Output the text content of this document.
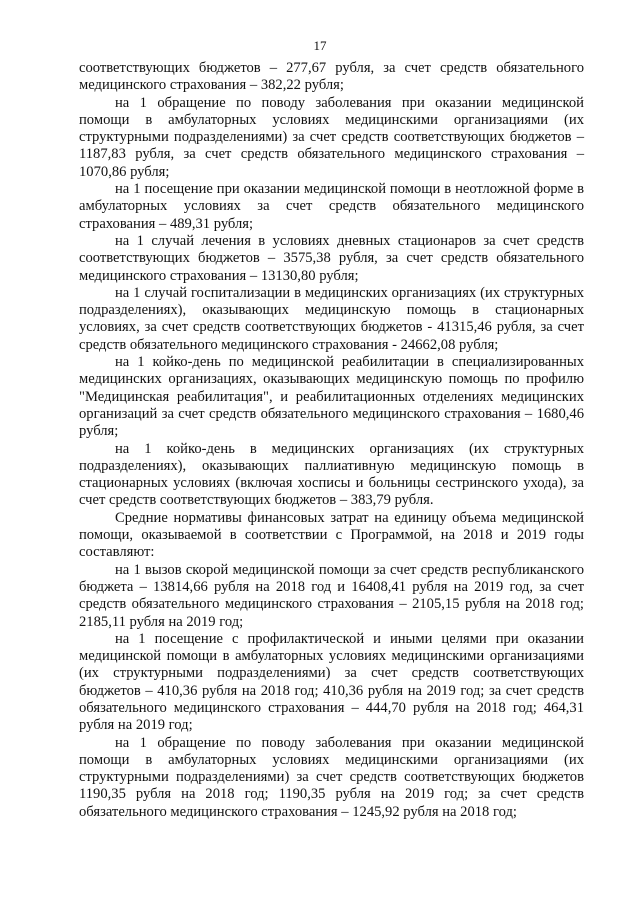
17

соответствующих бюджетов – 277,67 рубля, за счет средств обязательного медицинского страхования – 382,22 рубля;

на 1 обращение по поводу заболевания при оказании медицинской помощи в амбулаторных условиях медицинскими организациями (их структурными подразделениями) за счет средств соответствующих бюджетов – 1187,83 рубля, за счет средств обязательного медицинского страхования – 1070,86 рубля;

на 1 посещение при оказании медицинской помощи в неотложной форме в амбулаторных условиях за счет средств обязательного медицинского страхования – 489,31 рубля;

на 1 случай лечения в условиях дневных стационаров за счет средств соответствующих бюджетов – 3575,38 рубля, за счет средств обязательного медицинского страхования – 13130,80 рубля;

на 1 случай госпитализации в медицинских организациях (их структурных подразделениях), оказывающих медицинскую помощь в стационарных условиях, за счет средств соответствующих бюджетов - 41315,46 рубля, за счет средств обязательного медицинского страхования - 24662,08 рубля;

на 1 койко-день по медицинской реабилитации в специализированных медицинских организациях, оказывающих медицинскую помощь по профилю "Медицинская реабилитация", и реабилитационных отделениях медицинских организаций за счет средств обязательного медицинского страхования – 1680,46 рубля;

на 1 койко-день в медицинских организациях (их структурных подразделениях), оказывающих паллиативную медицинскую помощь в стационарных условиях (включая хосписы и больницы сестринского ухода), за счет средств соответствующих бюджетов – 383,79 рубля.

Средние нормативы финансовых затрат на единицу объема медицинской помощи, оказываемой в соответствии с Программой, на 2018 и 2019 годы составляют:

на 1 вызов скорой медицинской помощи за счет средств республиканского бюджета – 13814,66 рубля на 2018 год и 16408,41 рубля на 2019 год, за счет средств обязательного медицинского страхования – 2105,15 рубля на 2018 год; 2185,11 рубля на 2019 год;

на 1 посещение с профилактической и иными целями при оказании медицинской помощи в амбулаторных условиях медицинскими организациями (их структурными подразделениями) за счет средств соответствующих бюджетов – 410,36 рубля на 2018 год; 410,36 рубля на 2019 год; за счет средств обязательного медицинского страхования – 444,70 рубля на 2018 год; 464,31 рубля на 2019 год;

на 1 обращение по поводу заболевания при оказании медицинской помощи в амбулаторных условиях медицинскими организациями (их структурными подразделениями) за счет средств соответствующих бюджетов 1190,35 рубля на 2018 год; 1190,35 рубля на 2019 год; за счет средств обязательного медицинского страхования – 1245,92 рубля на 2018 год;
